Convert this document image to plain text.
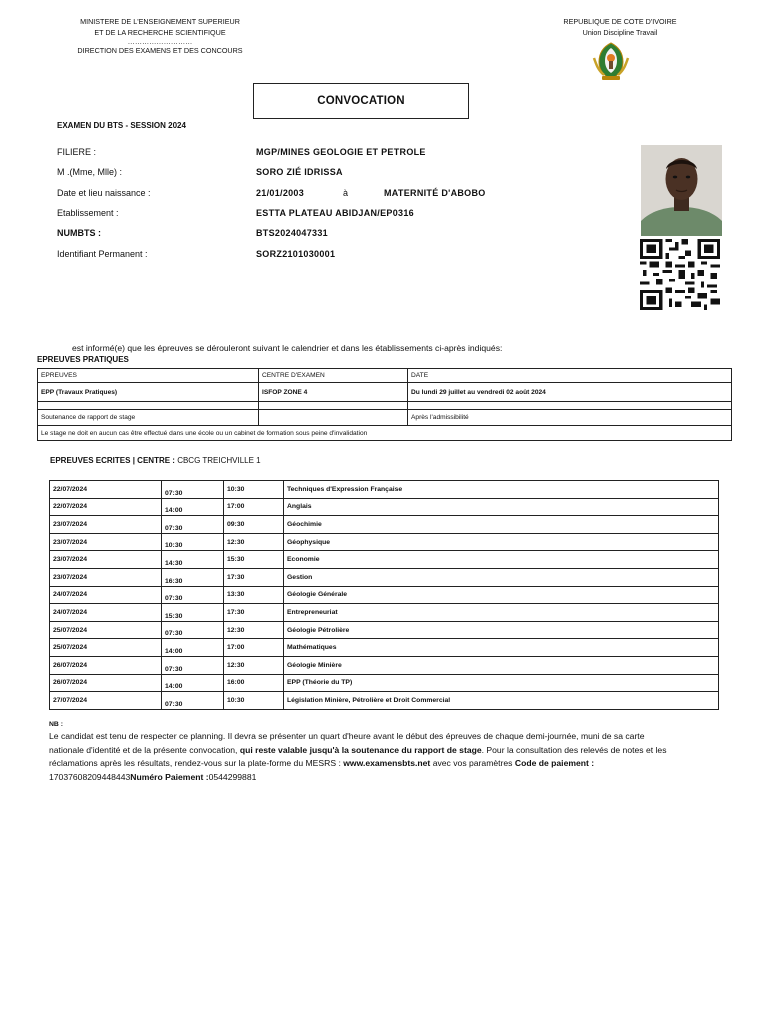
MINISTERE DE L'ENSEIGNEMENT SUPERIEUR
ET DE LA RECHERCHE SCIENTIFIQUE
………………………
DIRECTION DES EXAMENS ET DES CONCOURS
REPUBLIQUE DE COTE D'IVOIRE
Union Discipline Travail
CONVOCATION
EXAMEN DU BTS - SESSION 2024
FILIERE :	MGP/MINES GEOLOGIE ET PETROLE
M .(Mme, Mlle) :	SORO ZIÉ IDRISSA
Date et lieu naissance :	21/01/2003	à	MATERNITÉ D'ABOBO
Etablissement :	ESTTA PLATEAU ABIDJAN/EP0316
NUMBTS :	BTS2024047331
Identifiant Permanent :	SORZ2101030001
est informé(e) que les épreuves se dérouleront suivant le calendrier et dans les établissements ci-après indiqués:
EPREUVES PRATIQUES
EPREUVES	CENTRE D'EXAMEN	DATE
EPP (Travaux Pratiques)	ISFOP ZONE 4	Du lundi 29 juillet au vendredi 02 août 2024

Soutenance de rapport de stage		Après l'admissibilité
Le stage ne doit en aucun cas être effectué dans une école ou un cabinet de formation sous peine d'invalidation		
EPREUVES ECRITES | CENTRE : CBCG TREICHVILLE 1
22/07/2024	07:30	10:30	Techniques d'Expression Française
22/07/2024	14:00	17:00	Anglais
23/07/2024	07:30	09:30	Géochimie
23/07/2024	10:30	12:30	Géophysique
23/07/2024	14:30	15:30	Economie
23/07/2024	16:30	17:30	Gestion
24/07/2024	07:30	13:30	Géologie Générale
24/07/2024	15:30	17:30	Entrepreneuriat
25/07/2024	07:30	12:30	Géologie Pétrolière
25/07/2024	14:00	17:00	Mathématiques
26/07/2024	07:30	12:30	Géologie Minière
26/07/2024	14:00	16:00	EPP (Théorie du TP)
27/07/2024	07:30	10:30	Législation Minière, Pétrolière et Droit Commercial
NB :
Le candidat est tenu de respecter ce planning. Il devra se présenter un quart d'heure avant le début des épreuves de chaque demi-journée, muni de sa carte nationale d'identité et de la présente convocation, qui reste valable jusqu'à la soutenance du rapport de stage. Pour la consultation des relevés de notes et les réclamations après les résultats, rendez-vous sur la plate-forme du MESRS : www.examensbts.net avec vos paramètres Code de paiement :
17037608209448443Numéro Paiement :0544299881
